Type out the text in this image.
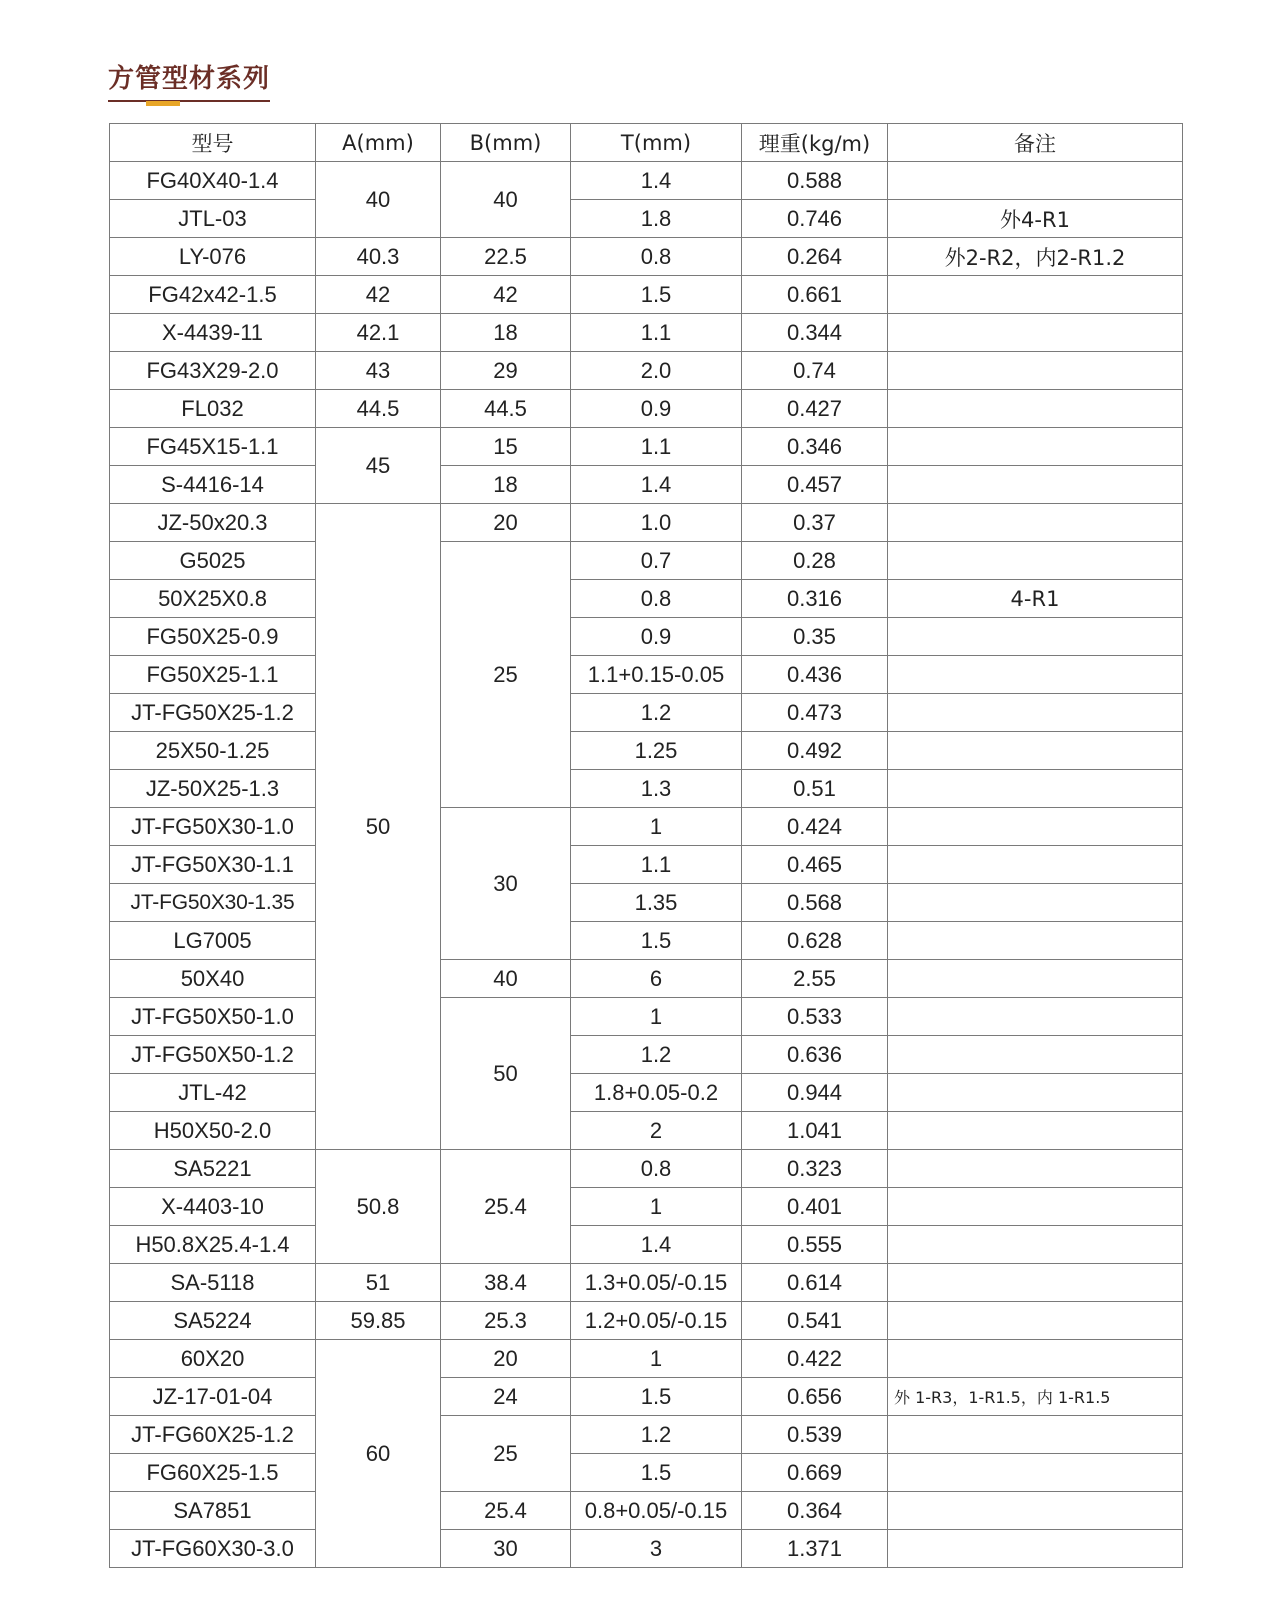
方管型材系列
型号	A(mm)	B(mm)	T(mm)	理重(kg/m)	备注
FG40X40-1.4	40	40	1.4	0.588	
JTL-03			1.8	0.746	外4-R1
LY-076	40.3	22.5	0.8	0.264	外2-R2，内2-R1.2
FG42x42-1.5	42	42	1.5	0.661	
X-4439-11	42.1	18	1.1	0.344	
FG43X29-2.0	43	29	2.0	0.74	
FL032	44.5	44.5	0.9	0.427	
FG45X15-1.1	45	15	1.1	0.346	
S-4416-14		18	1.4	0.457	
JZ-50x20.3	50	20	1.0	0.37	
G5025		25	0.7	0.28	
50X25X0.8			0.8	0.316	4-R1
FG50X25-0.9			0.9	0.35	
FG50X25-1.1			1.1+0.15-0.05	0.436	
JT-FG50X25-1.2			1.2	0.473	
25X50-1.25			1.25	0.492	
JZ-50X25-1.3			1.3	0.51	
JT-FG50X30-1.0		30	1	0.424	
JT-FG50X30-1.1			1.1	0.465	
JT-FG50X30-1.35			1.35	0.568	
LG7005			1.5	0.628	
50X40		40	6	2.55	
JT-FG50X50-1.0		50	1	0.533	
JT-FG50X50-1.2			1.2	0.636	
JTL-42			1.8+0.05-0.2	0.944	
H50X50-2.0			2	1.041	
SA5221	50.8	25.4	0.8	0.323	
X-4403-10			1	0.401	
H50.8X25.4-1.4			1.4	0.555	
SA-5118	51	38.4	1.3+0.05/-0.15	0.614	
SA5224	59.85	25.3	1.2+0.05/-0.15	0.541	
60X20	60	20	1	0.422	
JZ-17-01-04		24	1.5	0.656	外 1-R3，1-R1.5，内 1-R1.5
JT-FG60X25-1.2		25	1.2	0.539	
FG60X25-1.5			1.5	0.669	
SA7851		25.4	0.8+0.05/-0.15	0.364	
JT-FG60X30-3.0		30	3	1.371	
